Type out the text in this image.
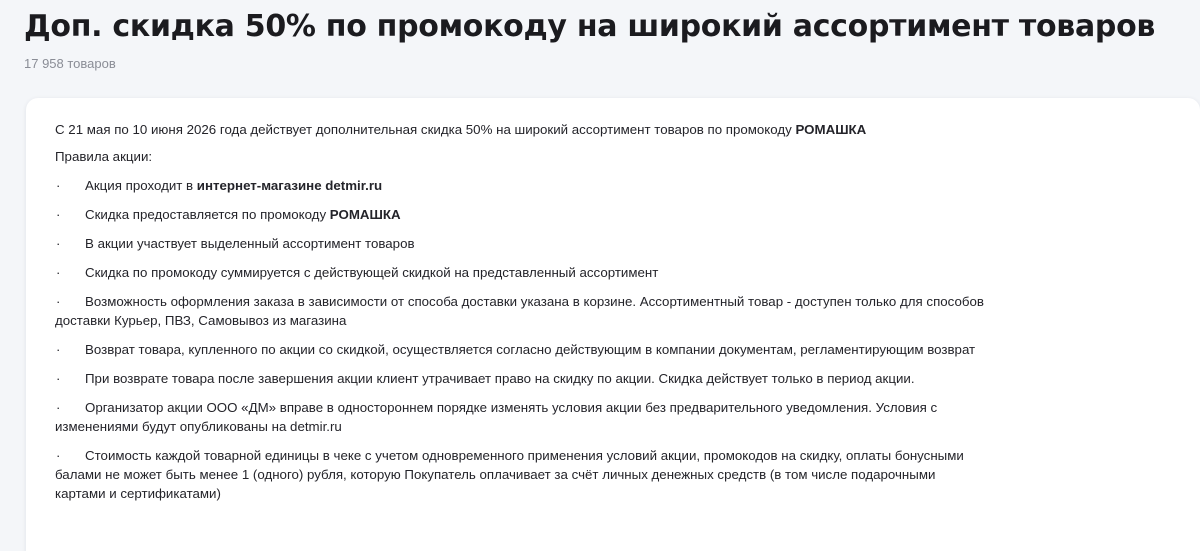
Доп. скидка 50% по промокоду на широкий ассортимент товаров
17 958 товаров

С 21 мая по 10 июня 2026 года действует дополнительная скидка 50% на широкий ассортимент товаров по промокоду РОМАШКА

Правила акции:

· Акция проходит в интернет-магазине detmir.ru
· Скидка предоставляется по промокоду РОМАШКА
· В акции участвует выделенный ассортимент товаров
· Скидка по промокоду суммируется с действующей скидкой на представленный ассортимент
· Возможность оформления заказа в зависимости от способа доставки указана в корзине. Ассортиментный товар - доступен только для способов доставки Курьер, ПВЗ, Самовывоз из магазина
· Возврат товара, купленного по акции со скидкой, осуществляется согласно действующим в компании документам, регламентирующим возврат
· При возврате товара после завершения акции клиент утрачивает право на скидку по акции. Скидка действует только в период акции.
· Организатор акции ООО «ДМ» вправе в одностороннем порядке изменять условия акции без предварительного уведомления. Условия с изменениями будут опубликованы на detmir.ru
· Стоимость каждой товарной единицы в чеке с учетом одновременного применения условий акции, промокодов на скидку, оплаты бонусными балами не может быть менее 1 (одного) рубля, которую Покупатель оплачивает за счёт личных денежных средств (в том числе подарочными картами и сертификатами)
